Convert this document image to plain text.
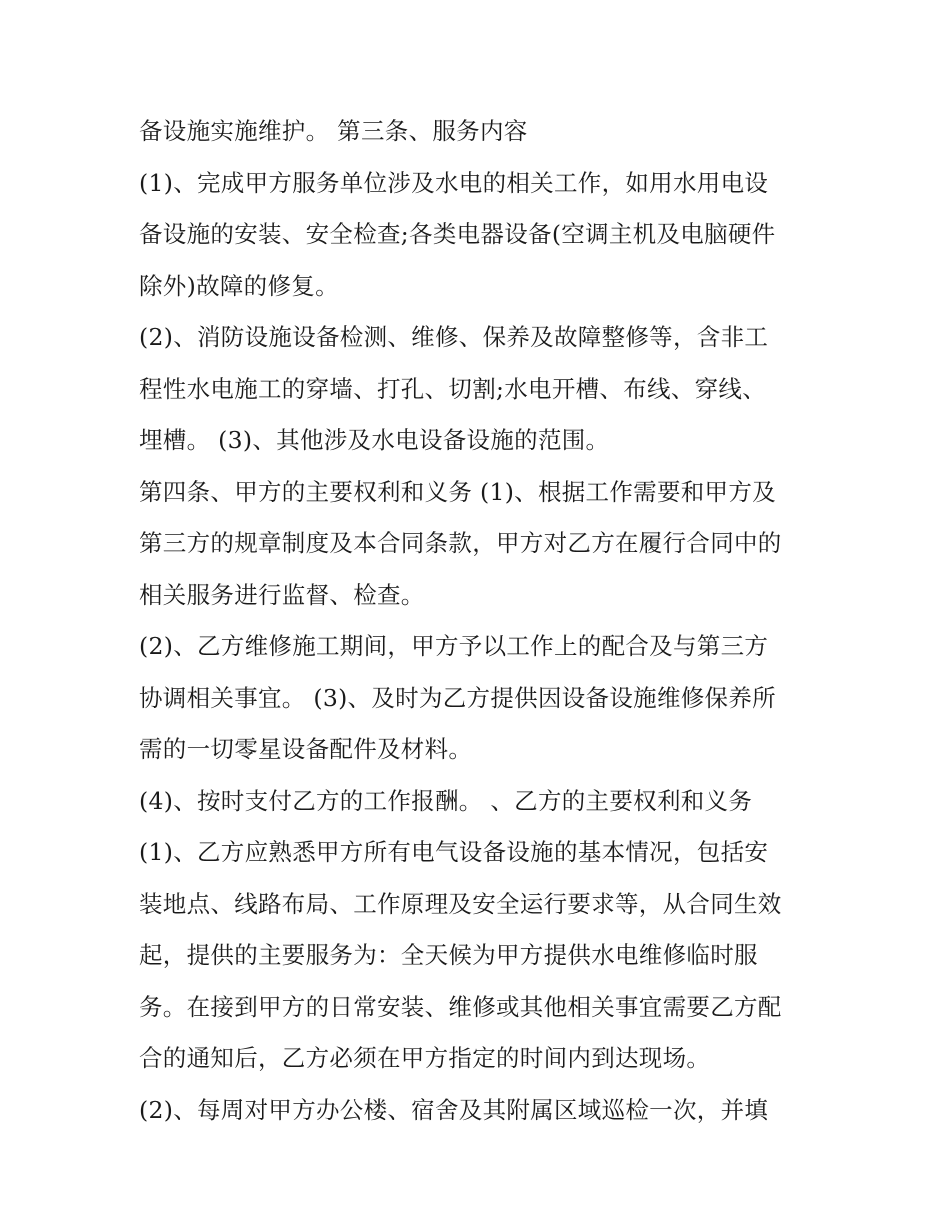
备设施实施维护。 第三条、服务内容
(1)、完成甲方服务单位涉及水电的相关工作，如用水用电设
备设施的安装、安全检查;各类电器设备(空调主机及电脑硬件
除外)故障的修复。
(2)、消防设施设备检测、维修、保养及故障整修等，含非工
程性水电施工的穿墙、打孔、切割;水电开槽、布线、穿线、
埋槽。 (3)、其他涉及水电设备设施的范围。
第四条、甲方的主要权利和义务 (1)、根据工作需要和甲方及
第三方的规章制度及本合同条款，甲方对乙方在履行合同中的
相关服务进行监督、检查。
(2)、乙方维修施工期间，甲方予以工作上的配合及与第三方
协调相关事宜。 (3)、及时为乙方提供因设备设施维修保养所
需的一切零星设备配件及材料。
(4)、按时支付乙方的工作报酬。 、乙方的主要权利和义务
(1)、乙方应熟悉甲方所有电气设备设施的基本情况，包括安
装地点、线路布局、工作原理及安全运行要求等，从合同生效
起，提供的主要服务为：全天候为甲方提供水电维修临时服
务。在接到甲方的日常安装、维修或其他相关事宜需要乙方配
合的通知后，乙方必须在甲方指定的时间内到达现场。
(2)、每周对甲方办公楼、宿舍及其附属区域巡检一次，并填
